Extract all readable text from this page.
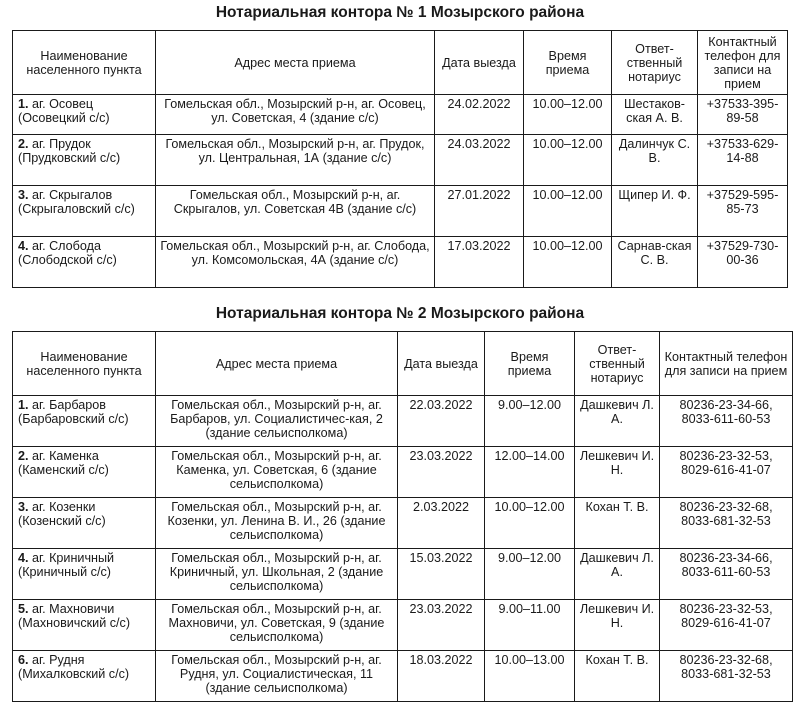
Нотариальная контора № 1 Мозырского района
Наименование населенного пункта	Адрес места приема	Дата выезда	Время приема	Ответ-ственный нотариус	Контактный телефон для записи на прием
1. аг. Осовец (Осовецкий с/с)	Гомельская обл., Мозырский р-н, аг. Осовец, ул. Советская, 4 (здание с/с)	24.02.2022	10.00–12.00	Шестаков-ская А. В.	+37533-395-89-58
2. аг. Прудок (Прудковский с/с)	Гомельская обл., Мозырский р-н, аг. Прудок, ул. Центральная, 1А (здание с/с)	24.03.2022	10.00–12.00	Далинчук С. В.	+37533-629-14-88
3. аг. Скрыгалов (Скрыгаловский с/с)	Гомельская обл., Мозырский р-н, аг. Скрыгалов, ул. Советская 4В (здание с/с)	27.01.2022	10.00–12.00	Щипер И. Ф.	+37529-595-85-73
4. аг. Слобода (Слободской с/с)	Гомельская обл., Мозырский р-н, аг. Слобода, ул. Комсомольская, 4А (здание с/с)	17.03.2022	10.00–12.00	Сарнав-ская С. В.	+37529-730-00-36
Нотариальная контора № 2 Мозырского района
Наименование населенного пункта	Адрес места приема	Дата выезда	Время приема	Ответ-ственный нотариус	Контактный телефон для записи на прием
1. аг. Барбаров (Барбаровский с/с)	Гомельская обл., Мозырский р-н, аг. Барбаров, ул. Социалистичес-кая, 2 (здание сельисполкома)	22.03.2022	9.00–12.00	Дашкевич Л. А.	80236-23-34-66, 8033-611-60-53
2. аг. Каменка (Каменский с/с)	Гомельская обл., Мозырский р-н, аг. Каменка, ул. Советская, 6 (здание сельисполкома)	23.03.2022	12.00–14.00	Лешкевич И. Н.	80236-23-32-53, 8029-616-41-07
3. аг. Козенки (Козенский с/с)	Гомельская обл., Мозырский р-н, аг. Козенки, ул. Ленина В. И., 26 (здание сельисполкома)	2.03.2022	10.00–12.00	Кохан Т. В.	80236-23-32-68, 8033-681-32-53
4. аг. Криничный (Криничный с/с)	Гомельская обл., Мозырский р-н, аг. Криничный, ул. Школьная, 2 (здание сельисполкома)	15.03.2022	9.00–12.00	Дашкевич Л. А.	80236-23-34-66, 8033-611-60-53
5. аг. Махновичи (Махновичский с/с)	Гомельская обл., Мозырский р-н, аг. Махновичи, ул. Советская, 9 (здание сельисполкома)	23.03.2022	9.00–11.00	Лешкевич И. Н.	80236-23-32-53, 8029-616-41-07
6. аг. Рудня (Михалковский с/с)	Гомельская обл., Мозырский р-н, аг. Рудня, ул. Социалистическая, 11 (здание сельисполкома)	18.03.2022	10.00–13.00	Кохан Т. В.	80236-23-32-68, 8033-681-32-53
